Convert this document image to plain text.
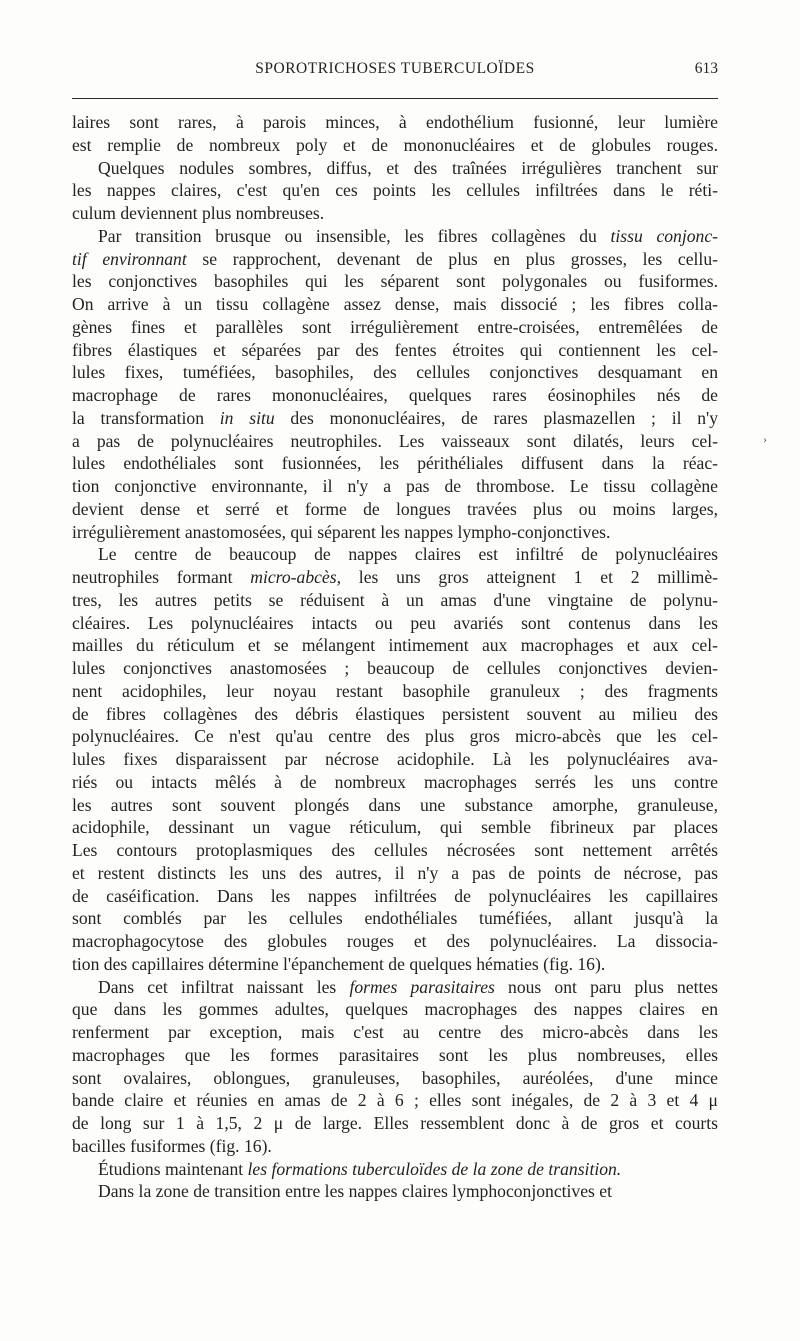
SPOROTRICHOSES TUBERCULOÏDES	613
›
laires sont rares, à parois minces, à endothélium fusionné, leur lumière
est remplie de nombreux poly et de mononucléaires et de globules rouges.
Quelques nodules sombres, diffus, et des traînées irrégulières tranchent sur
les nappes claires, c'est qu'en ces points les cellules infiltrées dans le réti-
culum deviennent plus nombreuses.
Par transition brusque ou insensible, les fibres collagènes du tissu conjonc-
tif environnant se rapprochent, devenant de plus en plus grosses, les cellu-
les conjonctives basophiles qui les séparent sont polygonales ou fusiformes.
On arrive à un tissu collagène assez dense, mais dissocié ; les fibres colla-
gènes fines et parallèles sont irrégulièrement entre-croisées, entremêlées de
fibres élastiques et séparées par des fentes étroites qui contiennent les cel-
lules fixes, tuméfiées, basophiles, des cellules conjonctives desquamant en
macrophage de rares mononucléaires, quelques rares éosinophiles nés de
la transformation in situ des mononucléaires, de rares plasmazellen ; il n'y
a pas de polynucléaires neutrophiles. Les vaisseaux sont dilatés, leurs cel-
lules endothéliales sont fusionnées, les périthéliales diffusent dans la réac-
tion conjonctive environnante, il n'y a pas de thrombose. Le tissu collagène
devient dense et serré et forme de longues travées plus ou moins larges,
irrégulièrement anastomosées, qui séparent les nappes lympho-conjonctives.
Le centre de beaucoup de nappes claires est infiltré de polynucléaires
neutrophiles formant micro-abcès, les uns gros atteignent 1 et 2 millimè-
tres, les autres petits se réduisent à un amas d'une vingtaine de polynu-
cléaires. Les polynucléaires intacts ou peu avariés sont contenus dans les
mailles du réticulum et se mélangent intimement aux macrophages et aux cel-
lules conjonctives anastomosées ; beaucoup de cellules conjonctives devien-
nent acidophiles, leur noyau restant basophile granuleux ; des fragments
de fibres collagènes des débris élastiques persistent souvent au milieu des
polynucléaires. Ce n'est qu'au centre des plus gros micro-abcès que les cel-
lules fixes disparaissent par nécrose acidophile. Là les polynucléaires ava-
riés ou intacts mêlés à de nombreux macrophages serrés les uns contre
les autres sont souvent plongés dans une substance amorphe, granuleuse,
acidophile, dessinant un vague réticulum, qui semble fibrineux par places
Les contours protoplasmiques des cellules nécrosées sont nettement arrêtés
et restent distincts les uns des autres, il n'y a pas de points de nécrose, pas
de caséification. Dans les nappes infiltrées de polynucléaires les capillaires
sont comblés par les cellules endothéliales tuméfiées, allant jusqu'à la
macrophagocytose des globules rouges et des polynucléaires. La dissocia-
tion des capillaires détermine l'épanchement de quelques hématies (fig. 16).
Dans cet infiltrat naissant les formes parasitaires nous ont paru plus nettes
que dans les gommes adultes, quelques macrophages des nappes claires en
renferment par exception, mais c'est au centre des micro-abcès dans les
macrophages que les formes parasitaires sont les plus nombreuses, elles
sont ovalaires, oblongues, granuleuses, basophiles, auréolées, d'une mince
bande claire et réunies en amas de 2 à 6 ; elles sont inégales, de 2 à 3 et 4 μ
de long sur 1 à 1,5, 2 μ de large. Elles ressemblent donc à de gros et courts
bacilles fusiformes (fig. 16).
Étudions maintenant les formations tuberculoïdes de la zone de transition.
Dans la zone de transition entre les nappes claires lymphoconjonctives et
